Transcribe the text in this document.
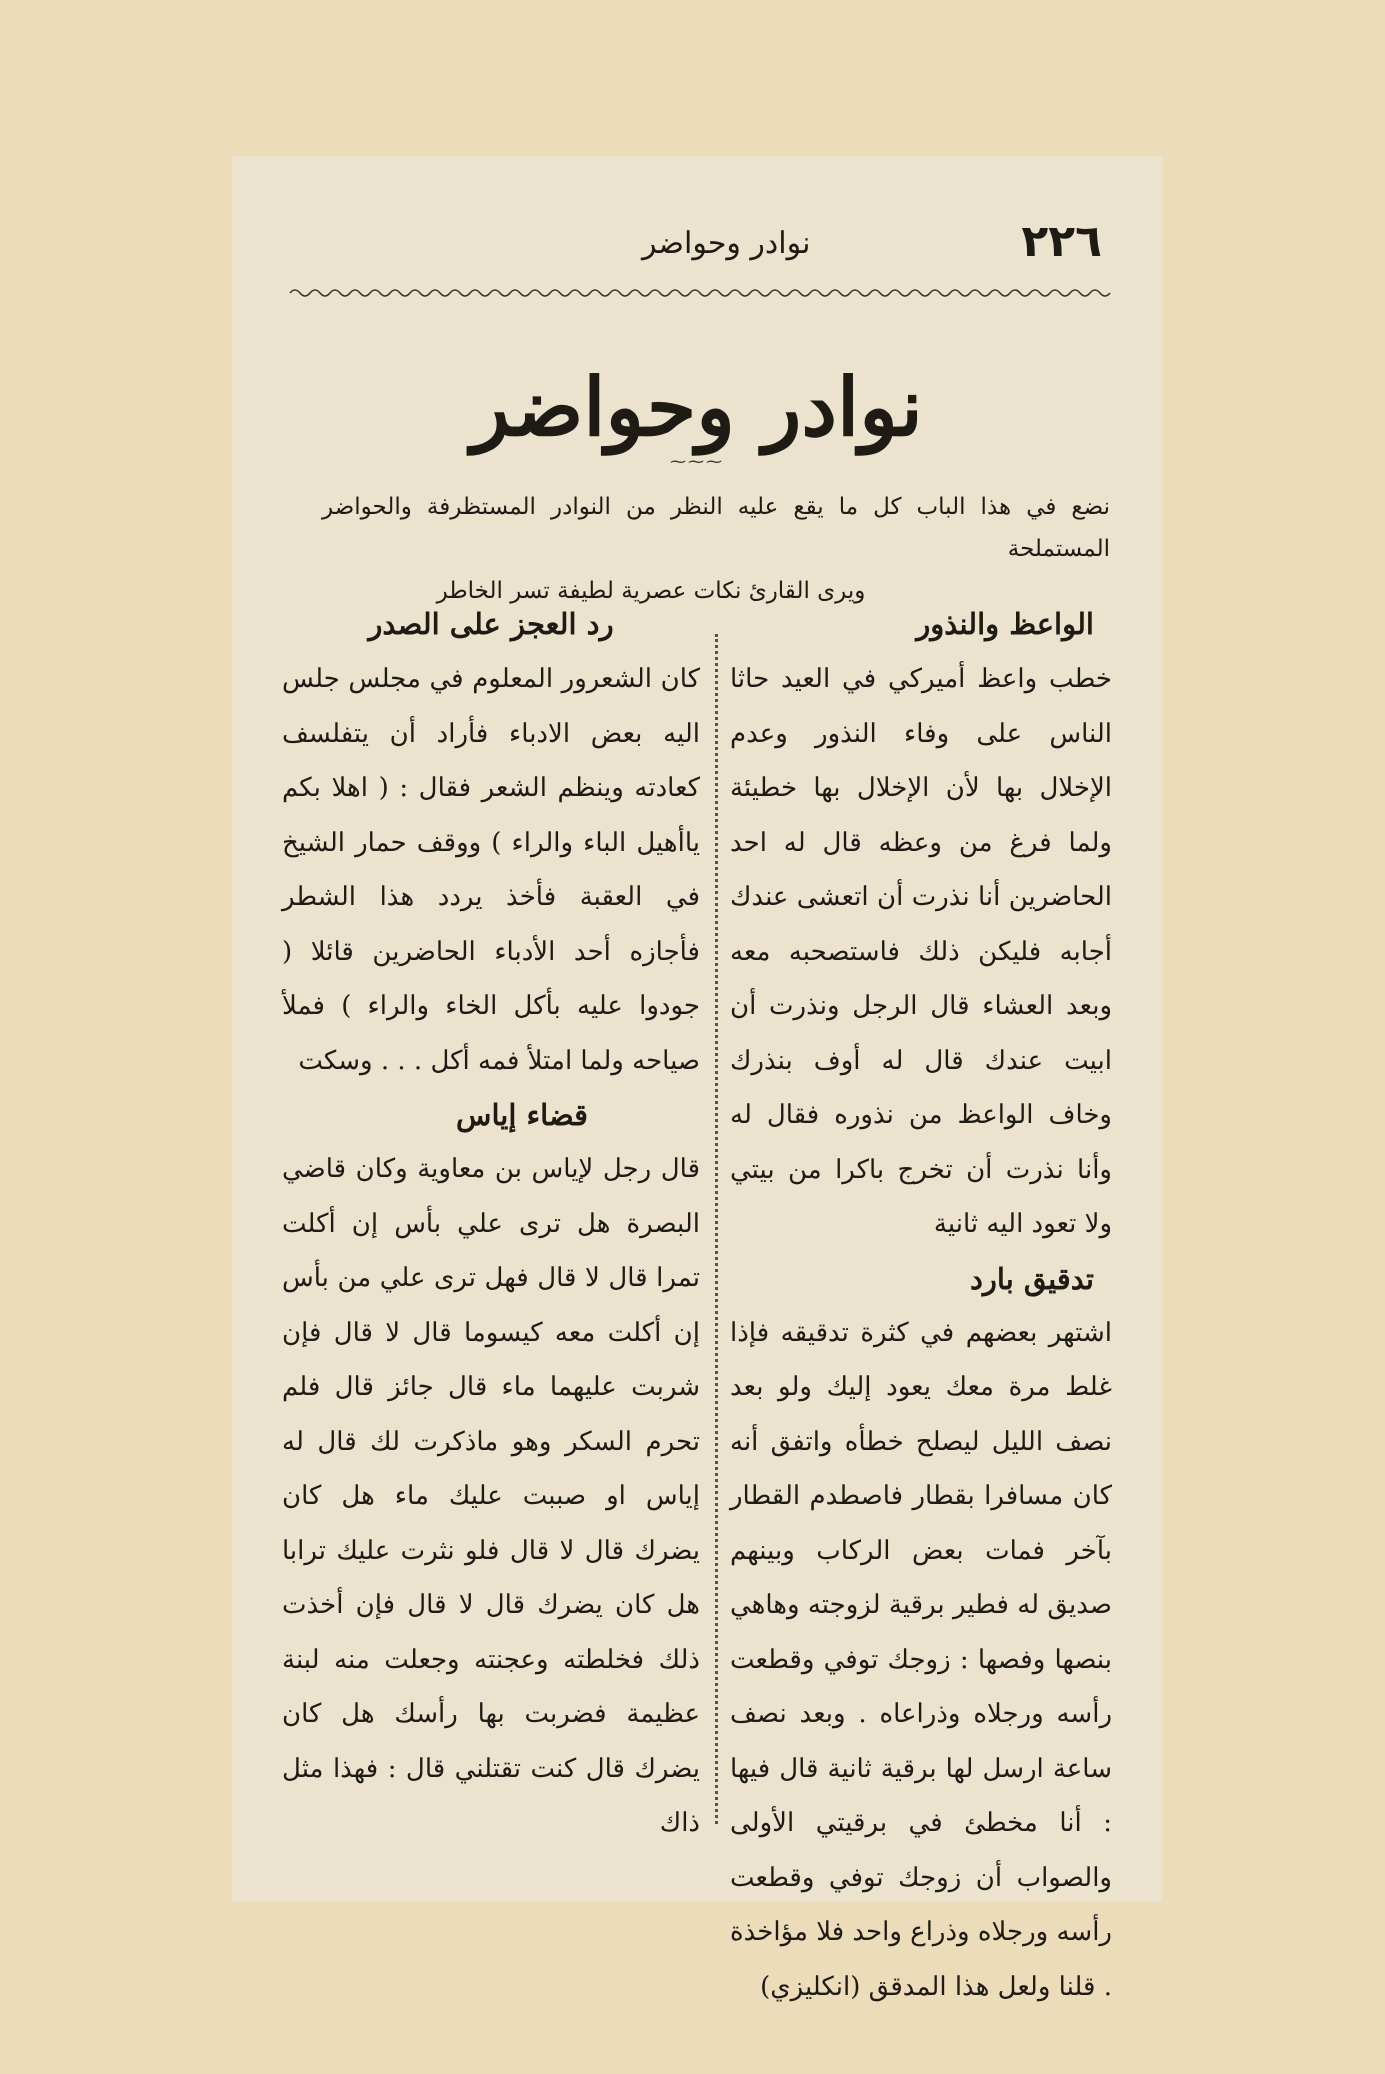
٢٢٦
نوادر وحواضر
نوادر وحواضر
⁓⁓⁓

نضع في هذا الباب كل ما يقع عليه النظر من النوادر المستظرفة والحواضر المستملحة

ويرى القارئ نكات عصرية لطيفة تسر الخاطر

الواعظ والنذور

خطب واعظ أميركي في العيد حاثا الناس على وفاء النذور وعدم الإخلال بها لأن الإخلال بها خطيئة ولما فرغ من وعظه قال له احد الحاضرين أنا نذرت أن اتعشى عندك أجابه فليكن ذلك فاستصحبه معه وبعد العشاء قال الرجل ونذرت أن ابيت عندك قال له أوف بنذرك وخاف الواعظ من نذوره فقال له وأنا نذرت أن تخرج باكرا من بيتي ولا تعود اليه ثانية

تدقيق بارد

اشتهر بعضهم في كثرة تدقيقه فإذا غلط مرة معك يعود إليك ولو بعد نصف الليل ليصلح خطأه واتفق أنه كان مسافرا بقطار فاصطدم القطار بآخر فمات بعض الركاب وبينهم صديق له فطير برقية لزوجته وهاهي بنصها وفصها : زوجك توفي وقطعت رأسه ورجلاه وذراعاه . وبعد نصف ساعة ارسل لها برقية ثانية قال فيها : أنا مخطئ في برقيتي الأولى والصواب أن زوجك توفي وقطعت رأسه ورجلاه وذراع واحد فلا مؤاخذة . قلنا ولعل هذا المدقق (انكليزي)

رد العجز على الصدر

كان الشعرور المعلوم في مجلس جلس اليه بعض الادباء فأراد أن يتفلسف كعادته وينظم الشعر فقال : ( اهلا بكم ياأهيل الباء والراء ) ووقف حمار الشيخ في العقبة فأخذ يردد هذا الشطر فأجازه أحد الأدباء الحاضرين قائلا ( جودوا عليه بأكل الخاء والراء ) فملأ صياحه ولما امتلأ فمه أكل . . . وسكت

قضاء إياس

قال رجل لإياس بن معاوية وكان قاضي البصرة هل ترى علي بأس إن أكلت تمرا قال لا قال فهل ترى علي من بأس إن أكلت معه كيسوما قال لا قال فإن شربت عليهما ماء قال جائز قال فلم تحرم السكر وهو ماذكرت لك قال له إياس او صببت عليك ماء هل كان يضرك قال لا قال فلو نثرت عليك ترابا هل كان يضرك قال لا قال فإن أخذت ذلك فخلطته وعجنته وجعلت منه لبنة عظيمة فضربت بها رأسك هل كان يضرك قال كنت تقتلني قال : فهذا مثل ذاك
